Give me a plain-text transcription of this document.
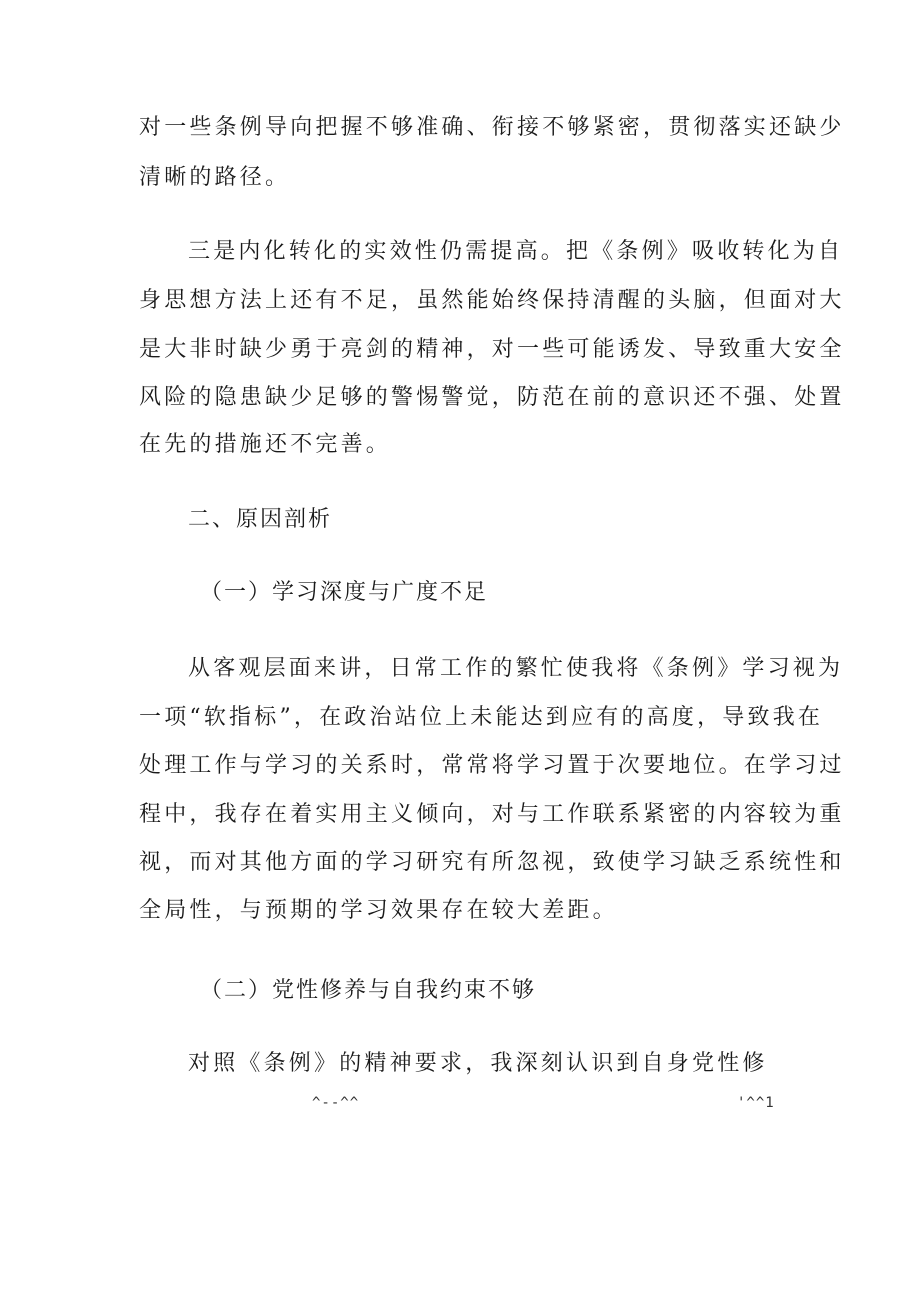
对一些条例导向把握不够准确、衔接不够紧密，贯彻落实还缺少
清晰的路径。
三是内化转化的实效性仍需提高。把《条例》吸收转化为自
身思想方法上还有不足，虽然能始终保持清醒的头脑，但面对大
是大非时缺少勇于亮剑的精神，对一些可能诱发、导致重大安全
风险的隐患缺少足够的警惕警觉，防范在前的意识还不强、处置
在先的措施还不完善。
二、原因剖析
（一）学习深度与广度不足
从客观层面来讲，日常工作的繁忙使我将《条例》学习视为
一项“软指标”，在政治站位上未能达到应有的高度，导致我在
处理工作与学习的关系时，常常将学习置于次要地位。在学习过
程中，我存在着实用主义倾向，对与工作联系紧密的内容较为重
视，而对其他方面的学习研究有所忽视，致使学习缺乏系统性和
全局性，与预期的学习效果存在较大差距。
（二）党性修养与自我约束不够
对照《条例》的精神要求，我深刻认识到自身党性修
^--^^	'^^1
